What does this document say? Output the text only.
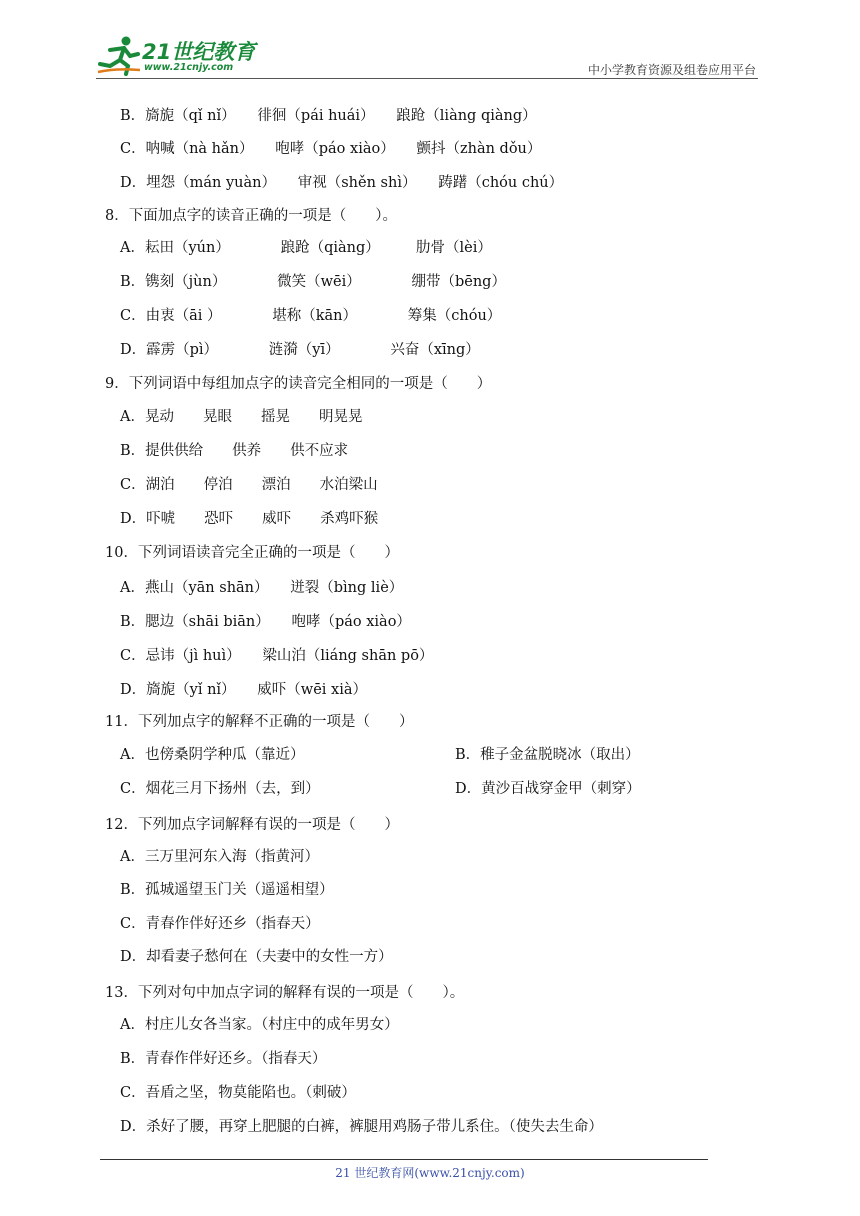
21世纪教育
www.21cnjy.com	中小学教育资源及组卷应用平台
B．旖旎（qǐ nǐ）　　徘徊（pái huái）　　踉跄（liàng qiàng）
C．呐喊（nà hǎn）　　咆哮（páo xiào）　　颤抖（zhàn dǒu）
D．埋怨（mán yuàn）　　审视（shěn shì）　　踌躇（chóu chú）
8．下面加点字的读音正确的一项是（　　）。
A．耘田（yún）　　　　踉跄（qiàng）　　　肋骨（lèi）
B．镌刻（jùn）　　　　微笑（wēi）　　　　绷带（bēng）
C．由衷（āi ）　　　　堪称（kān）　　　　筹集（chóu）
D．霹雳（pì）　　　　涟漪（yī）　　　　兴奋（xīng）
9．下列词语中每组加点字的读音完全相同的一项是（　　）
A．晃动　　晃眼　　摇晃　　明晃晃
B．提供供给　　供养　　供不应求
C．湖泊　　停泊　　漂泊　　水泊梁山
D．吓唬　　恐吓　　威吓　　杀鸡吓猴
10．下列词语读音完全正确的一项是（　　）
A．燕山（yān shān）　　迸裂（bìng liè）
B．腮边（shāi biān）　　咆哮（páo xiào）
C．忌讳（jì huì）　　梁山泊（liáng shān pō）
D．旖旎（yǐ nǐ）　　威吓（wēi xià）
11．下列加点字的解释不正确的一项是（　　）
A．也傍桑阴学种瓜（靠近）	B．稚子金盆脱晓冰（取出）
C．烟花三月下扬州（去，到）	D．黄沙百战穿金甲（刺穿）
12．下列加点字词解释有误的一项是（　　）
A．三万里河东入海（指黄河）
B．孤城遥望玉门关（遥遥相望）
C．青春作伴好还乡（指春天）
D．却看妻子愁何在（夫妻中的女性一方）
13．下列对句中加点字词的解释有误的一项是（　　）。
A．村庄儿女各当家。（村庄中的成年男女）
B．青春作伴好还乡。（指春天）
C．吾盾之坚，物莫能陷也。（刺破）
D．杀好了腰，再穿上肥腿的白裤，裤腿用鸡肠子带儿系住。（使失去生命）
21 世纪教育网(www.21cnjy.com)
